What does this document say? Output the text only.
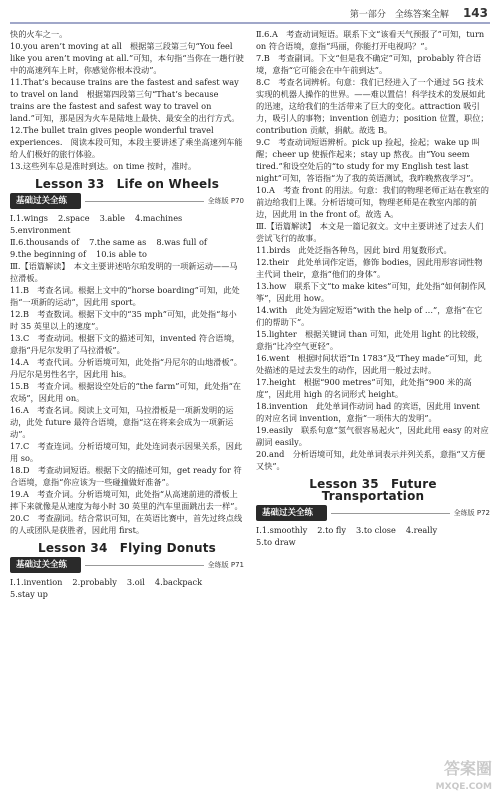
第一部分　全练答案全解 143
快的火车之一。
10.you aren’t moving at all　根据第三段第三句“You feel like you aren’t moving at all.”可知，本句指“当你在一趟行驶中的高速列车上时，你感觉你根本没动”。
11.That’s because trains are the fastest and safest way to travel on land　根据第四段第三句“That’s because trains are the fastest and safest way to travel on land.”可知，那是因为火车是陆地上最快、最安全的出行方式。
12.The bullet train gives people wonderful travel experiences.　阅读本段可知，本段主要讲述了乘坐高速列车能给人们极好的旅行体验。
13.这些列车总是准时到达。on time 按时，准时。
Lesson 33　Life on Wheels
基础过关全练	全练版 P70
Ⅰ.1.wings 2.space 3.able 4.machines
5.environment
Ⅱ.6.thousands of 7.the same as 8.was full of
9.the beginning of 10.is able to
Ⅲ.【语篇解读】　本文主要讲述哈尔珀发明的一项新运动——马拉滑板。
11.B　考查名词。根据上文中的“horse boarding”可知，此处指“一项新的运动”，因此用 sport。
12.B　考查数词。根据下文中的“35 mph”可知，此处指“每小时 35 英里以上的速度”。
13.C　考查动词。根据下文的描述可知，invented 符合语境，意指“丹尼尔发明了马拉滑板”。
14.A　考查代词。分析语境可知，此处指“丹尼尔的山地滑板”。丹尼尔是男性名字，因此用 his。
15.B　考查介词。根据设空处后的“the farm”可知，此处指“在农场”，因此用 on。
16.A　考查名词。阅读上文可知，马拉滑板是一项新发明的运动，此处 future 最符合语境，意指“这在将来会成为一项新运动”。
17.C　考查连词。分析语境可知，此处连词表示因果关系，因此用 so。
18.D　考查动词短语。根据下文的描述可知，get ready for 符合语境，意指“你应该为一些碰撞做好准备”。
19.A　考查介词。分析语境可知，此处指“从高速前进的滑板上摔下来就像是从速度为每小时 30 英里的汽车里面跳出去一样”。
20.C　考查副词。结合常识可知，在英语比赛中，首先过终点线的人或团队是获胜者，因此用 first。
Lesson 34　Flying Donuts
基础过关全练	全练版 P71
Ⅰ.1.invention 2.probably 3.oil 4.backpack
5.stay up
Ⅱ.6.A　考查动词短语。联系下文“该看天气预报了”可知，turn on 符合语境，意指“玛丽，你能打开电视吗？”。
7.B　考查副词。下文“但是我不确定”可知，probably 符合语境，意指“它可能会在中午前到达”。
8.C　考查名词辨析。句意：我们已经进入了一个通过 5G 技术实现的机器人操作的世界。——难以置信！科学技术的发展如此的迅速，这给我们的生活带来了巨大的变化。attraction 吸引力，吸引人的事物；invention 创造力；position 位置，职位；contribution 贡献，捐献。故选 B。
9.C　考查动词短语辨析。pick up 捡起，捡起；wake up 叫醒；cheer up 使振作起来；stay up 熬夜。由“You seem tired.”和设空处后的“to study for my English test last night”可知，答语指“为了我的英语测试，我昨晚熬夜学习”。
10.A　考查 front 的用法。句意：我们的物理老师正站在教室的前边给我们上课。分析语境可知，物理老师是在教室内部的前边，因此用 in the front of。故选 A。
Ⅲ.【语篇解读】　本文是一篇记叙文。文中主要讲述了过去人们尝试飞行的故事。
11.birds　此处泛指各种鸟，因此 bird 用复数形式。
12.their　此处单词作定语，修饰 bodies，因此用形容词性物主代词 their，意指“他们的身体”。
13.how　联系下文“to make kites”可知，此处指“如何制作风筝”，因此用 how。
14.with　此处为固定短语“with the help of …”，意指“在它们的帮助下”。
15.lighter　根据关键词 than 可知，此处用 light 的比较级，意指“比冷空气更轻”。
16.went　根据时间状语“In 1783”及“They made”可知，此处描述的是过去发生的动作，因此用一般过去时。
17.height　根据“900 metres”可知，此处指“900 米的高度”，因此用 high 的名词形式 height。
18.invention　此处单词作动词 had 的宾语，因此用 invent 的对应名词 invention，意指“一项伟大的发明”。
19.easily　联系句意“氢气很容易起火”，因此此用 easy 的对应副词 easily。
20.and　分析语境可知，此处单词表示并列关系，意指“又方便又快”。
Lesson 35　Future Transportation
基础过关全练	全练版 P72
Ⅰ.1.smoothly 2.to fly 3.to close 4.really
5.to draw
答案圈
MXQE.COM
